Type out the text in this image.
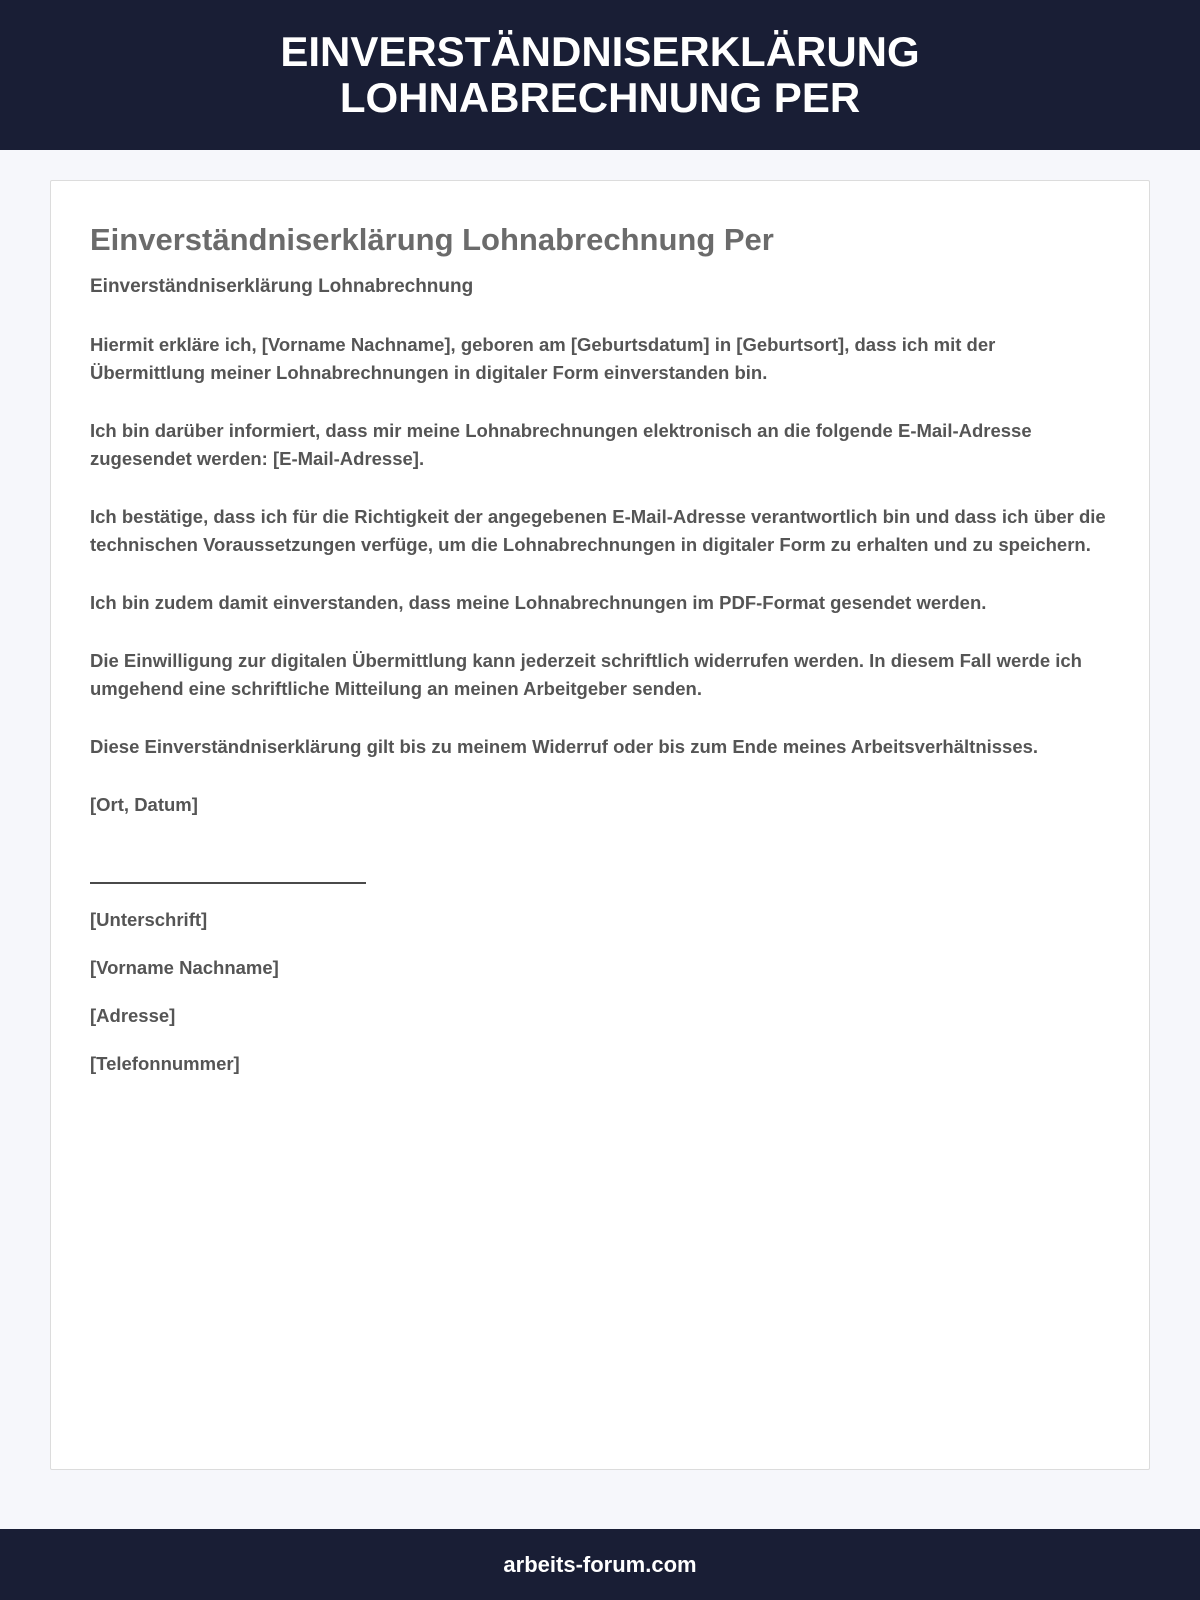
EINVERSTÄNDNISERKLÄRUNG LOHNABRECHNUNG PER
Einverständniserklärung Lohnabrechnung Per

Einverständniserklärung Lohnabrechnung

Hiermit erkläre ich, [Vorname Nachname], geboren am [Geburtsdatum] in [Geburtsort], dass ich mit der Übermittlung meiner Lohnabrechnungen in digitaler Form einverstanden bin.

Ich bin darüber informiert, dass mir meine Lohnabrechnungen elektronisch an die folgende E-Mail-Adresse zugesendet werden: [E-Mail-Adresse].

Ich bestätige, dass ich für die Richtigkeit der angegebenen E-Mail-Adresse verantwortlich bin und dass ich über die technischen Voraussetzungen verfüge, um die Lohnabrechnungen in digitaler Form zu erhalten und zu speichern.

Ich bin zudem damit einverstanden, dass meine Lohnabrechnungen im PDF-Format gesendet werden.

Die Einwilligung zur digitalen Übermittlung kann jederzeit schriftlich widerrufen werden. In diesem Fall werde ich umgehend eine schriftliche Mitteilung an meinen Arbeitgeber senden.

Diese Einverständniserklärung gilt bis zu meinem Widerruf oder bis zum Ende meines Arbeitsverhältnisses.

[Ort, Datum]

[Unterschrift]

[Vorname Nachname]

[Adresse]

[Telefonnummer]

arbeits-forum.com
